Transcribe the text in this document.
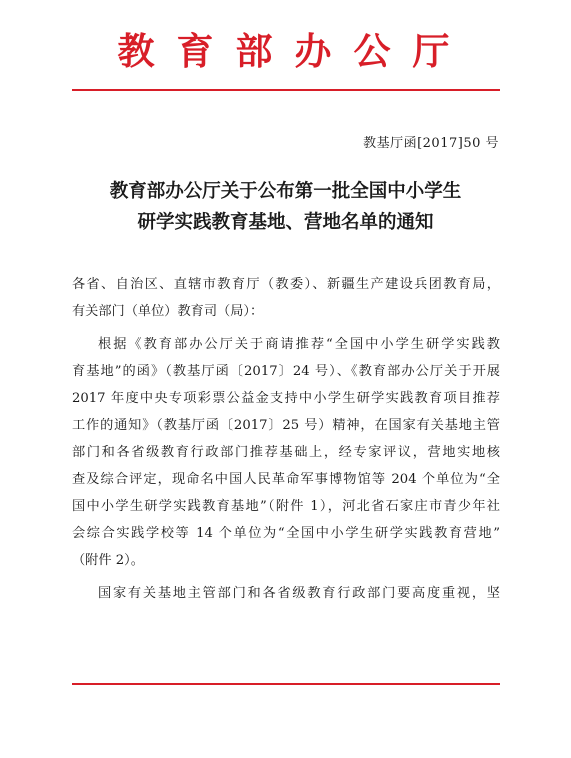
教育部办公厅
教基厅函[2017]50 号
教育部办公厅关于公布第一批全国中小学生
研学实践教育基地、营地名单的通知

各省、自治区、直辖市教育厅（教委）、新疆生产建设兵团教育局，
有关部门（单位）教育司（局）：

根据《教育部办公厅关于商请推荐“全国中小学生研学实践教
育基地”的函》（教基厅函〔2017〕24 号）、《教育部办公厅关于开展
2017 年度中央专项彩票公益金支持中小学生研学实践教育项目推荐
工作的通知》（教基厅函〔2017〕25 号）精神，在国家有关基地主管
部门和各省级教育行政部门推荐基础上，经专家评议，营地实地核
查及综合评定，现命名中国人民革命军事博物馆等 204 个单位为“全
国中小学生研学实践教育基地”（附件 1），河北省石家庄市青少年社
会综合实践学校等 14 个单位为“全国中小学生研学实践教育营地”
（附件 2）。

国家有关基地主管部门和各省级教育行政部门要高度重视，坚
